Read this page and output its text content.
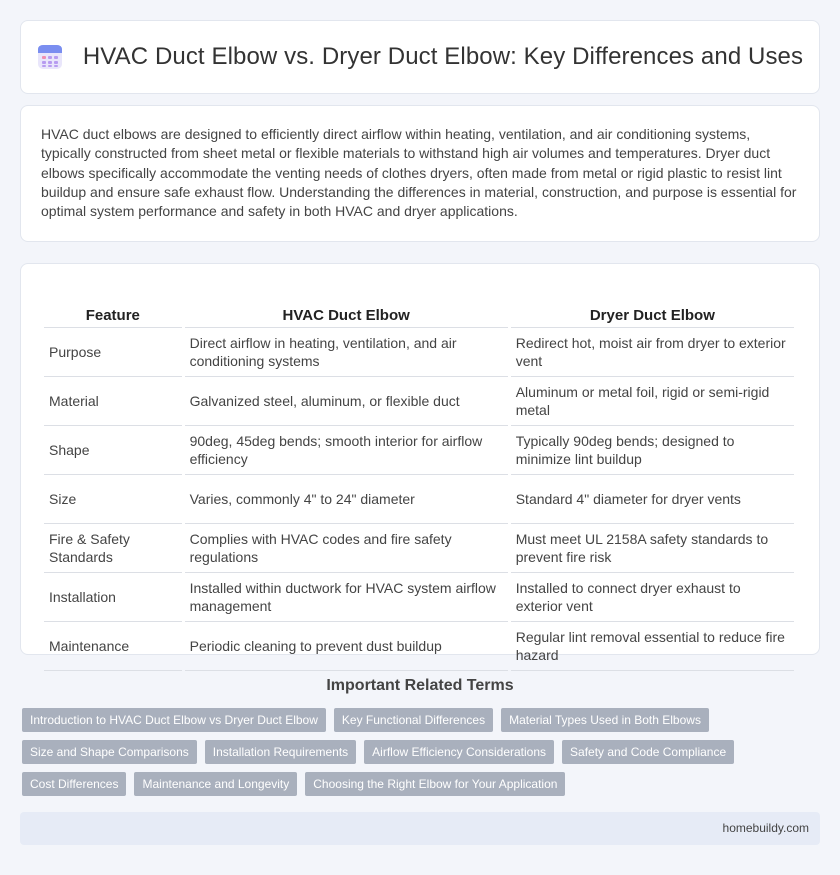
HVAC Duct Elbow vs. Dryer Duct Elbow: Key Differences and Uses

HVAC duct elbows are designed to efficiently direct airflow within heating, ventilation, and air conditioning systems, typically constructed from sheet metal or flexible materials to withstand high air volumes and temperatures. Dryer duct elbows specifically accommodate the venting needs of clothes dryers, often made from metal or rigid plastic to resist lint buildup and ensure safe exhaust flow. Understanding the differences in material, construction, and purpose is essential for optimal system performance and safety in both HVAC and dryer applications.

Feature	HVAC Duct Elbow	Dryer Duct Elbow
Purpose	Direct airflow in heating, ventilation, and air conditioning systems	Redirect hot, moist air from dryer to exterior vent
Material	Galvanized steel, aluminum, or flexible duct	Aluminum or metal foil, rigid or semi-rigid metal
Shape	90deg, 45deg bends; smooth interior for airflow efficiency	Typically 90deg bends; designed to minimize lint buildup
Size	Varies, commonly 4" to 24" diameter	Standard 4" diameter for dryer vents
Fire & Safety Standards	Complies with HVAC codes and fire safety regulations	Must meet UL 2158A safety standards to prevent fire risk
Installation	Installed within ductwork for HVAC system airflow management	Installed to connect dryer exhaust to exterior vent
Maintenance	Periodic cleaning to prevent dust buildup	Regular lint removal essential to reduce fire hazard
Important Related Terms
Introduction to HVAC Duct Elbow vs Dryer Duct Elbow	Key Functional Differences	Material Types Used in Both Elbows
Size and Shape Comparisons	Installation Requirements	Airflow Efficiency Considerations	Safety and Code Compliance
Cost Differences	Maintenance and Longevity	Choosing the Right Elbow for Your Application
homebuildy.com
